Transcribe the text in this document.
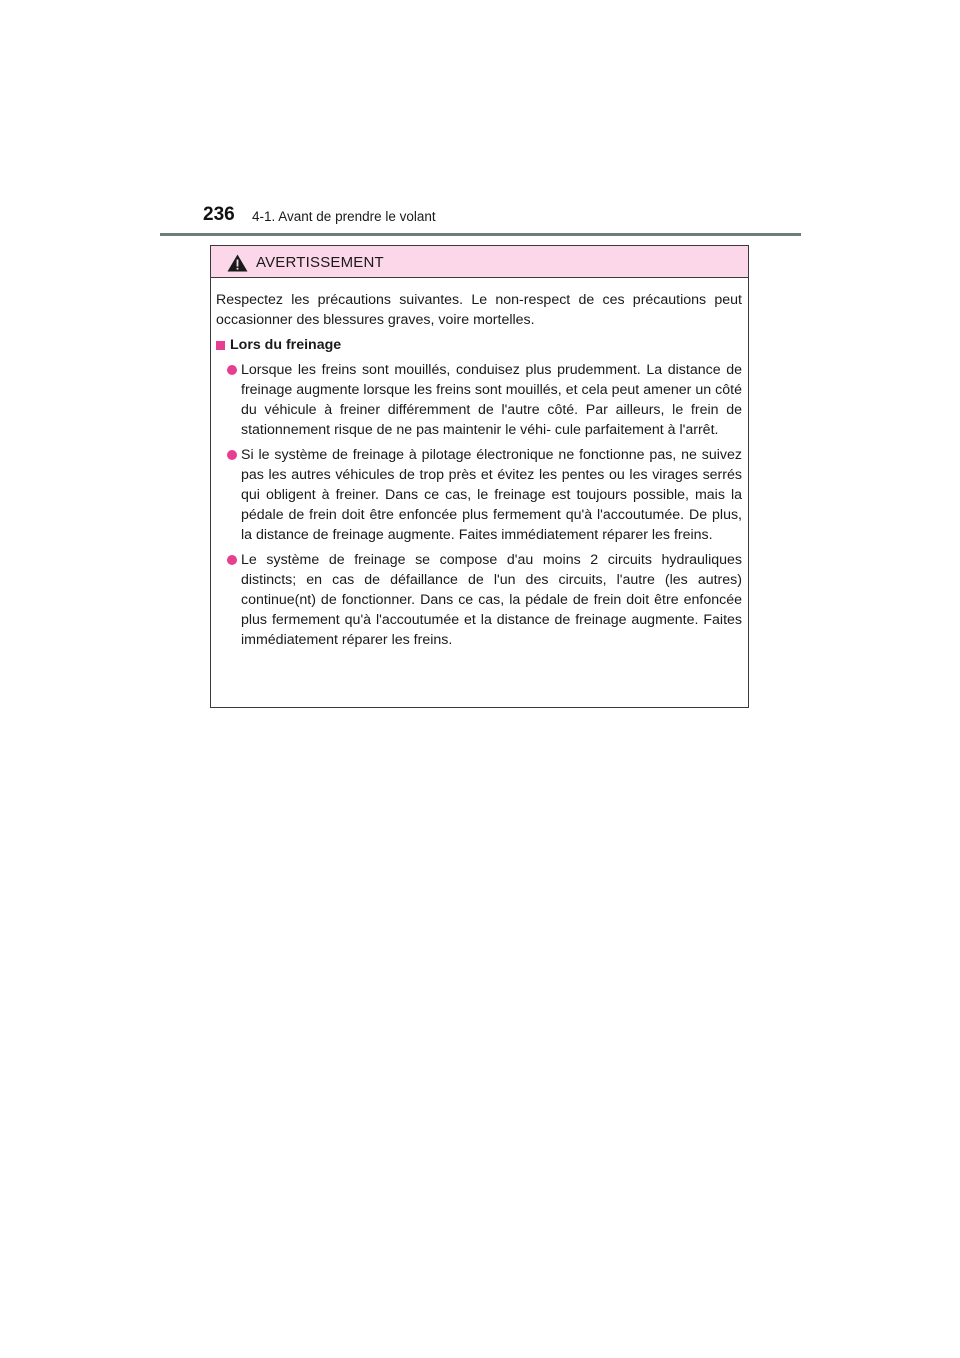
236 4-1. Avant de prendre le volant
AVERTISSEMENT

Respectez les précautions suivantes. Le non-respect de ces précautions peut occasionner des blessures graves, voire mortelles.

Lors du freinage

Lorsque les freins sont mouillés, conduisez plus prudemment. La distance de freinage augmente lorsque les freins sont mouillés, et cela peut amener un côté du véhicule à freiner différemment de l'autre côté. Par ailleurs, le frein de stationnement risque de ne pas maintenir le véhi- cule parfaitement à l'arrêt.

Si le système de freinage à pilotage électronique ne fonctionne pas, ne suivez pas les autres véhicules de trop près et évitez les pentes ou les virages serrés qui obligent à freiner. Dans ce cas, le freinage est toujours possible, mais la pédale de frein doit être enfoncée plus fermement qu'à l'accoutumée. De plus, la distance de freinage augmente. Faites immédiatement réparer les freins.

Le système de freinage se compose d'au moins 2 circuits hydrauliques distincts; en cas de défaillance de l'un des circuits, l'autre (les autres) continue(nt) de fonctionner. Dans ce cas, la pédale de frein doit être enfoncée plus fermement qu'à l'accoutumée et la distance de freinage augmente. Faites immédiatement réparer les freins.
